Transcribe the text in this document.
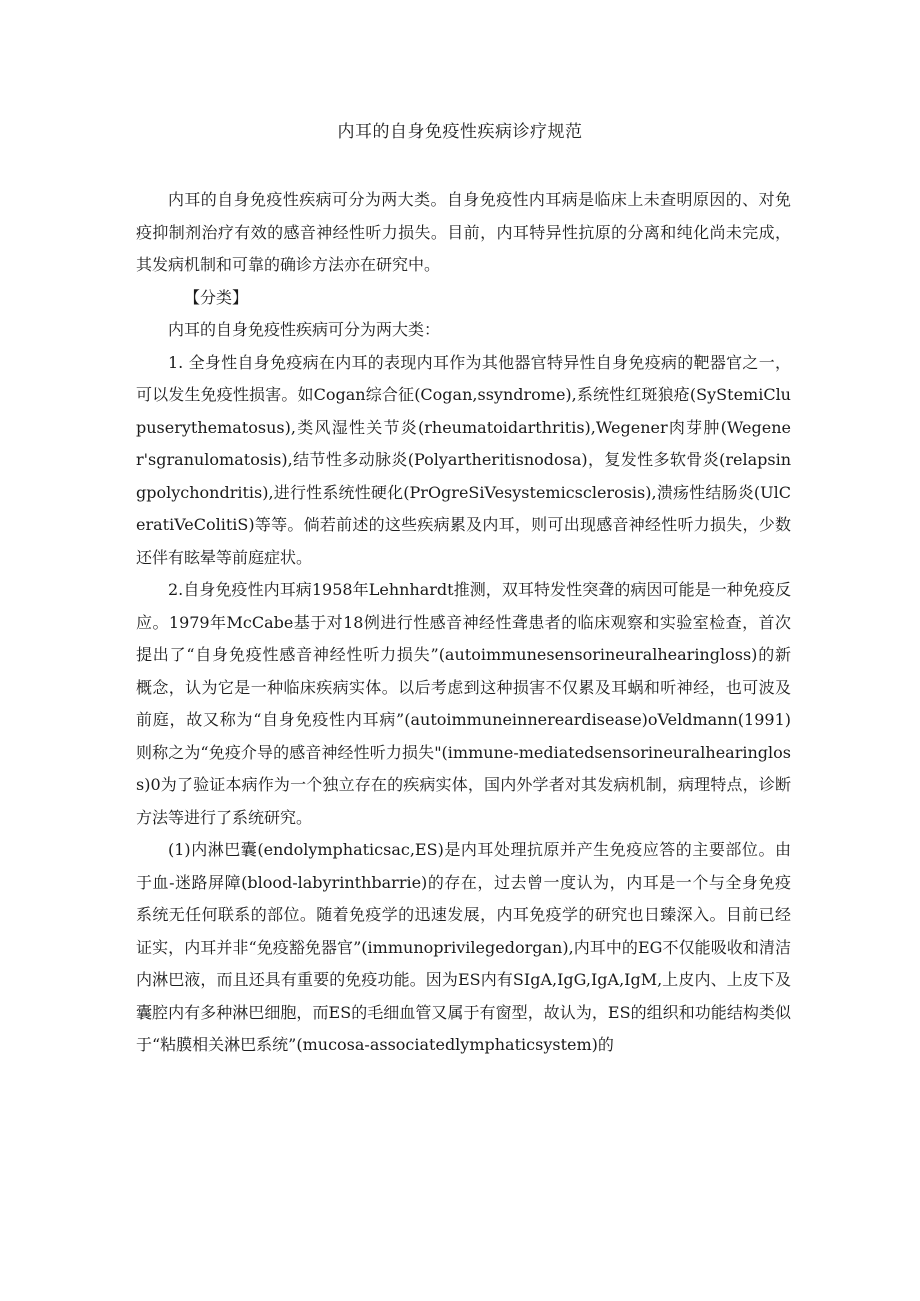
内耳的自身免疫性疾病诊疗规范

内耳的自身免疫性疾病可分为两大类。自身免疫性内耳病是临床上未查明原因的、对免疫抑制剂治疗有效的感音神经性听力损失。目前，内耳特异性抗原的分离和纯化尚未完成，其发病机制和可靠的确诊方法亦在研究中。

【分类】

内耳的自身免疫性疾病可分为两大类：

1. 全身性自身免疫病在内耳的表现内耳作为其他器官特异性自身免疫病的靶器官之一，可以发生免疫性损害。如Cogan综合征(Cogan,ssyndrome),系统性红斑狼疮(SyStemiClupuserythematosus),类风湿性关节炎(rheumatoidarthritis),Wegener肉芽肿(Wegener'sgranulomatosis),结节性多动脉炎(Polyartheritisnodosa)，复发性多软骨炎(relapsingpolychondritis),进行性系统性硬化(PrOgreSiVesystemicsclerosis),溃疡性结肠炎(UlCeratiVeColitiS)等等。倘若前述的这些疾病累及内耳，则可出现感音神经性听力损失，少数还伴有眩晕等前庭症状。

2.自身免疫性内耳病1958年Lehnhardt推测，双耳特发性突聋的病因可能是一种免疫反应。1979年McCabe基于对18例进行性感音神经性聋患者的临床观察和实验室检查，首次提出了“自身免疫性感音神经性听力损失”(autoimmunesensorineuralhearingloss)的新概念，认为它是一种临床疾病实体。以后考虑到这种损害不仅累及耳蜗和听神经，也可波及前庭，故又称为“自身免疫性内耳病”(autoimmuneinnereardisease)oVeldmann(1991)则称之为“免疫介导的感音神经性听力损失"(immune-mediatedsensorineuralhearingloss)0为了验证本病作为一个独立存在的疾病实体，国内外学者对其发病机制，病理特点，诊断方法等进行了系统研究。

(1)内淋巴囊(endolymphaticsac,ES)是内耳处理抗原并产生免疫应答的主要部位。由于血-迷路屏障(blood-labyrinthbarrie)的存在，过去曾一度认为，内耳是一个与全身免疫系统无任何联系的部位。随着免疫学的迅速发展，内耳免疫学的研究也日臻深入。目前已经证实，内耳并非“免疫豁免器官”(immunoprivilegedorgan),内耳中的EG不仅能吸收和清洁内淋巴液，而且还具有重要的免疫功能。因为ES内有SIgA,IgG,IgA,IgM,上皮内、上皮下及囊腔内有多种淋巴细胞，而ES的毛细血管又属于有窗型，故认为，ES的组织和功能结构类似于“粘膜相关淋巴系统”(mucosa-associatedlymphaticsystem)的
